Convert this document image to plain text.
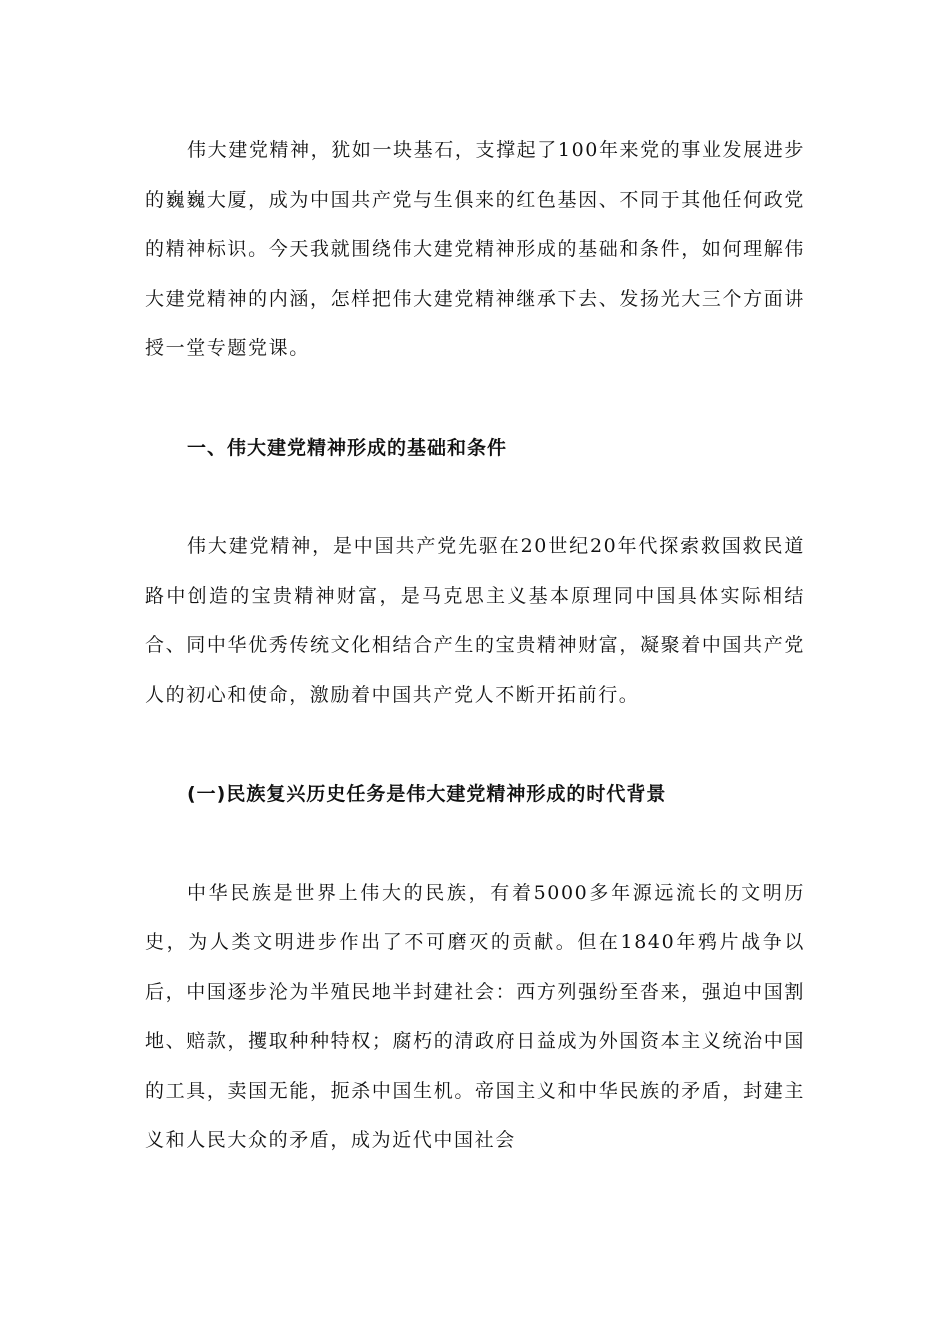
伟大建党精神，犹如一块基石，支撑起了100年来党的事业发展进步的巍巍大厦，成为中国共产党与生俱来的红色基因、不同于其他任何政党的精神标识。今天我就围绕伟大建党精神形成的基础和条件，如何理解伟大建党精神的内涵，怎样把伟大建党精神继承下去、发扬光大三个方面讲授一堂专题党课。

一、伟大建党精神形成的基础和条件

伟大建党精神，是中国共产党先驱在20世纪20年代探索救国救民道路中创造的宝贵精神财富，是马克思主义基本原理同中国具体实际相结合、同中华优秀传统文化相结合产生的宝贵精神财富，凝聚着中国共产党人的初心和使命，激励着中国共产党人不断开拓前行。

(一)民族复兴历史任务是伟大建党精神形成的时代背景

中华民族是世界上伟大的民族，有着5000多年源远流长的文明历史，为人类文明进步作出了不可磨灭的贡献。但在1840年鸦片战争以后，中国逐步沦为半殖民地半封建社会：西方列强纷至沓来，强迫中国割地、赔款，攫取种种特权；腐朽的清政府日益成为外国资本主义统治中国的工具，卖国无能，扼杀中国生机。帝国主义和中华民族的矛盾，封建主义和人民大众的矛盾，成为近代中国社会
